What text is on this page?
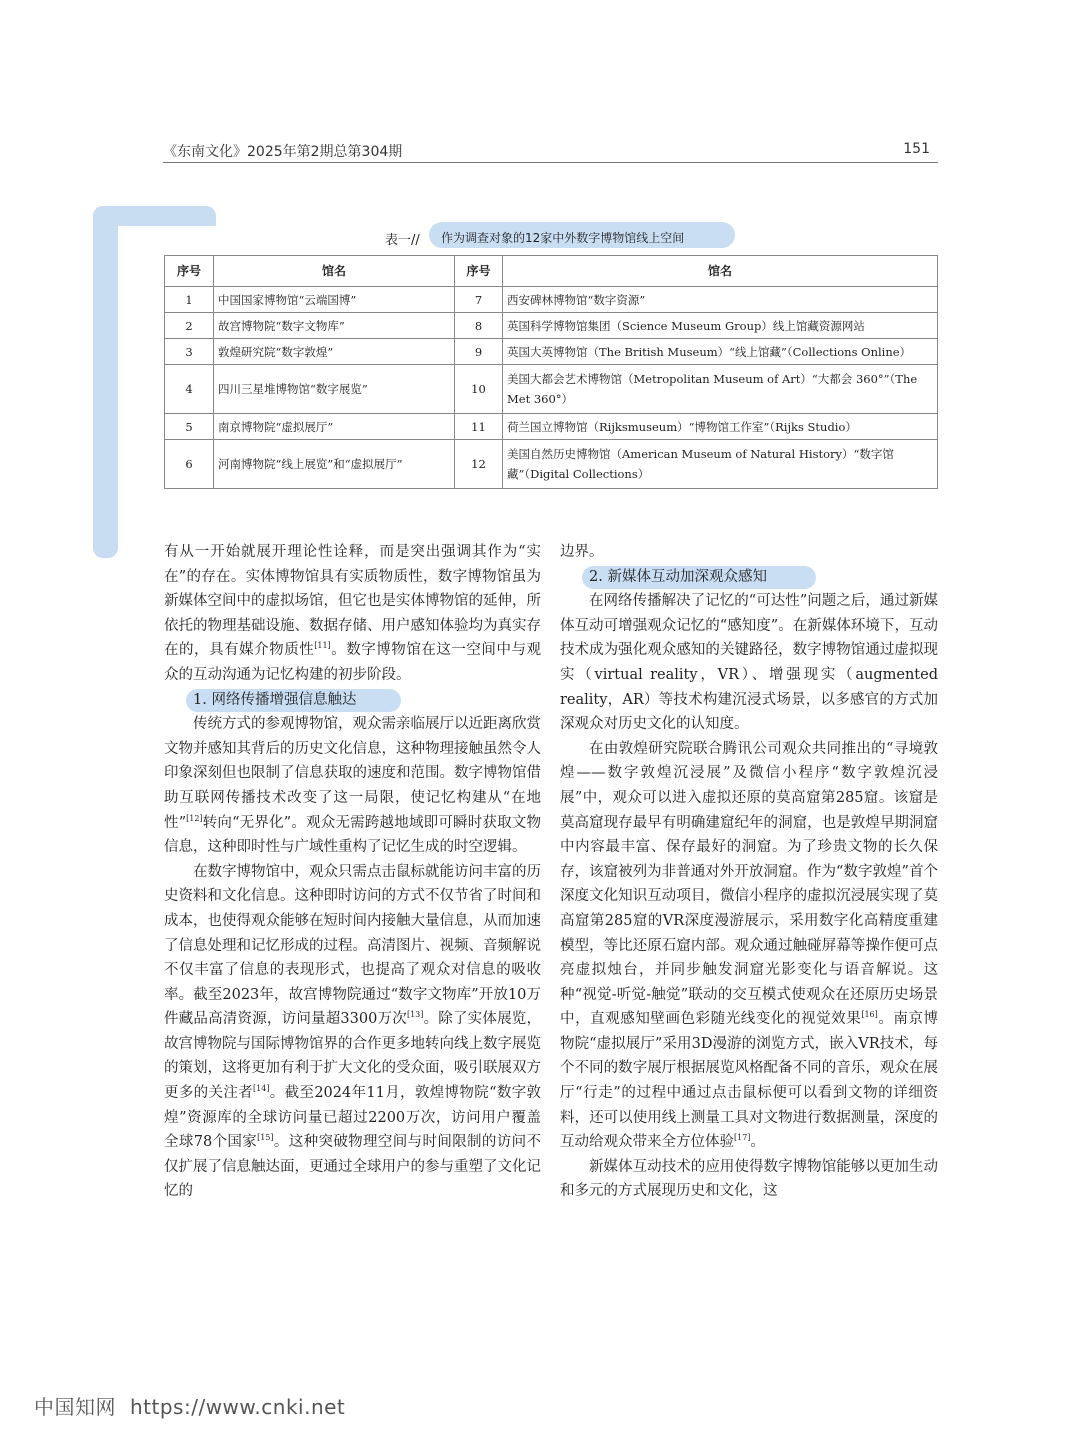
《东南文化》2025年第2期总第304期	151
表一// 作为调查对象的12家中外数字博物馆线上空间
序号	馆名	序号	馆名
1	中国国家博物馆“云端国博”	7	西安碑林博物馆“数字资源”
2	故宫博物院“数字文物库”	8	英国科学博物馆集团（Science Museum Group）线上馆藏资源网站
3	敦煌研究院“数字敦煌”	9	英国大英博物馆（The British Museum）“线上馆藏”（Collections Online）
4	四川三星堆博物馆“数字展览”	10	美国大都会艺术博物馆（Metropolitan Museum of Art）“大都会 360°”（The Met 360°）
5	南京博物院“虚拟展厅”	11	荷兰国立博物馆（Rijksmuseum）“博物馆工作室”（Rijks Studio）
6	河南博物院“线上展览”和“虚拟展厅”	12	美国自然历史博物馆（American Museum of Natural History）“数字馆藏”（Digital Collections）

有从一开始就展开理论性诠释，而是突出强调其作为“实在”的存在。实体博物馆具有实质物质性，数字博物馆虽为新媒体空间中的虚拟场馆，但它也是实体博物馆的延伸，所依托的物理基础设施、数据存储、用户感知体验均为真实存在的，具有媒介物质性[11]。数字博物馆在这一空间中与观众的互动沟通为记忆构建的初步阶段。

1. 网络传播增强信息触达

传统方式的参观博物馆，观众需亲临展厅以近距离欣赏文物并感知其背后的历史文化信息，这种物理接触虽然令人印象深刻但也限制了信息获取的速度和范围。数字博物馆借助互联网传播技术改变了这一局限，使记忆构建从“在地性”[12]转向“无界化”。观众无需跨越地域即可瞬时获取文物信息，这种即时性与广域性重构了记忆生成的时空逻辑。

在数字博物馆中，观众只需点击鼠标就能访问丰富的历史资料和文化信息。这种即时访问的方式不仅节省了时间和成本，也使得观众能够在短时间内接触大量信息，从而加速了信息处理和记忆形成的过程。高清图片、视频、音频解说不仅丰富了信息的表现形式，也提高了观众对信息的吸收率。截至2023年，故宫博物院通过“数字文物库”开放10万件藏品高清资源，访问量超3300万次[13]。除了实体展览，故宫博物院与国际博物馆界的合作更多地转向线上数字展览的策划，这将更加有利于扩大文化的受众面，吸引联展双方更多的关注者[14]。截至2024年11月，敦煌博物院“数字敦煌”资源库的全球访问量已超过2200万次，访问用户覆盖全球78个国家[15]。这种突破物理空间与时间限制的访问不仅扩展了信息触达面，更通过全球用户的参与重塑了文化记忆的

边界。

2. 新媒体互动加深观众感知

在网络传播解决了记忆的“可达性”问题之后，通过新媒体互动可增强观众记忆的“感知度”。在新媒体环境下，互动技术成为强化观众感知的关键路径，数字博物馆通过虚拟现实（virtual reality，VR）、增强现实（augmented reality，AR）等技术构建沉浸式场景，以多感官的方式加深观众对历史文化的认知度。

在由敦煌研究院联合腾讯公司观众共同推出的“寻境敦煌——数字敦煌沉浸展”及微信小程序“数字敦煌沉浸展”中，观众可以进入虚拟还原的莫高窟第285窟。该窟是莫高窟现存最早有明确建窟纪年的洞窟，也是敦煌早期洞窟中内容最丰富、保存最好的洞窟。为了珍贵文物的长久保存，该窟被列为非普通对外开放洞窟。作为“数字敦煌”首个深度文化知识互动项目，微信小程序的虚拟沉浸展实现了莫高窟第285窟的VR深度漫游展示，采用数字化高精度重建模型，等比还原石窟内部。观众通过触碰屏幕等操作便可点亮虚拟烛台，并同步触发洞窟光影变化与语音解说。这种“视觉-听觉-触觉”联动的交互模式使观众在还原历史场景中，直观感知壁画色彩随光线变化的视觉效果[16]。南京博物院“虚拟展厅”采用3D漫游的浏览方式，嵌入VR技术，每个不同的数字展厅根据展览风格配备不同的音乐，观众在展厅“行走”的过程中通过点击鼠标便可以看到文物的详细资料，还可以使用线上测量工具对文物进行数据测量，深度的互动给观众带来全方位体验[17]。

新媒体互动技术的应用使得数字博物馆能够以更加生动和多元的方式展现历史和文化，这

中国知网 https://www.cnki.net
